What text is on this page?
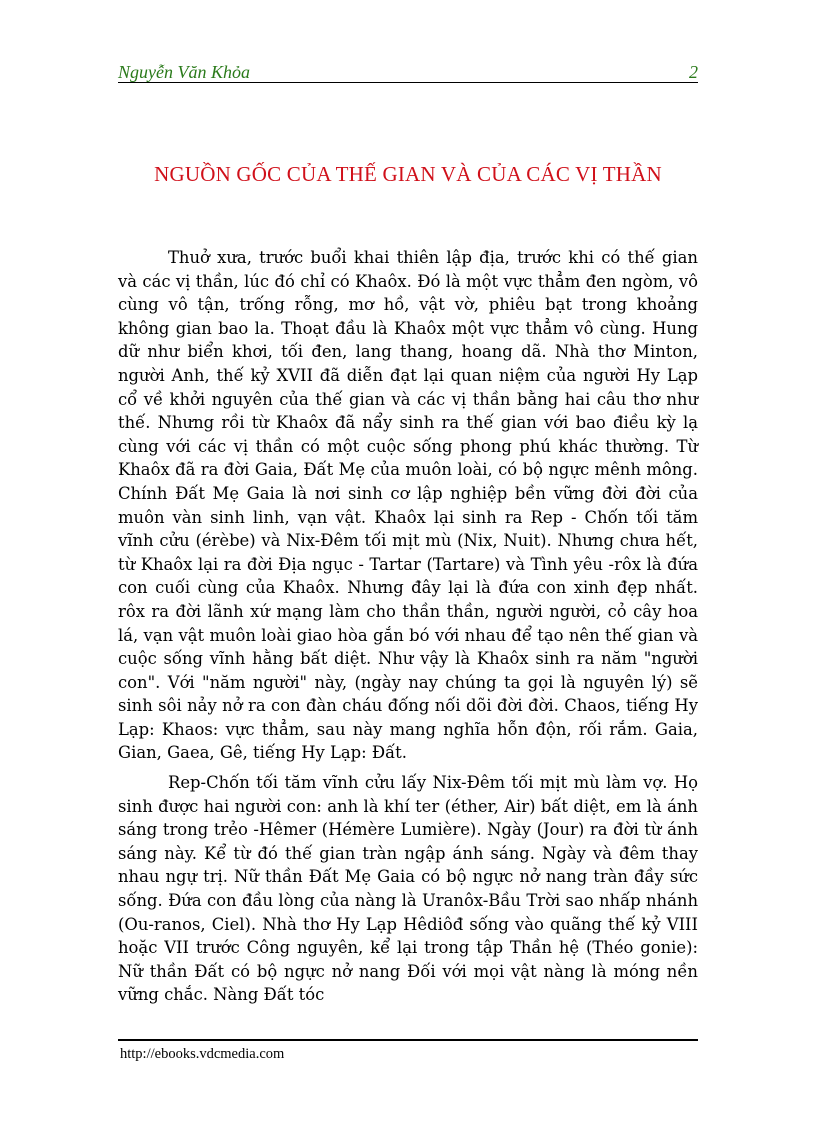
Nguyễn Văn Khỏa	2
NGUỒN GỐC CỦA THẾ GIAN VÀ CỦA CÁC VỊ THẦN

Thuở xưa, trước buổi khai thiên lập địa, trước khi có thế gian và các vị thần, lúc đó chỉ có Khaôx. Đó là một vực thẳm đen ngòm, vô cùng vô tận, trống rỗng, mơ hồ, vật vờ, phiêu bạt trong khoảng không gian bao la. Thoạt đầu là Khaôx một vực thẳm vô cùng. Hung dữ như biển khơi, tối đen, lang thang, hoang dã. Nhà thơ Minton, người Anh, thế kỷ XVII đã diễn đạt lại quan niệm của người Hy Lạp cổ về khởi nguyên của thế gian và các vị thần bằng hai câu thơ như thế. Nhưng rồi từ Khaôx đã nẩy sinh ra thế gian với bao điều kỳ lạ cùng với các vị thần có một cuộc sống phong phú khác thường. Từ Khaôx đã ra đời Gaia, Đất Mẹ của muôn loài, có bộ ngực mênh mông. Chính Đất Mẹ Gaia là nơi sinh cơ lập nghiệp bền vững đời đời của muôn vàn sinh linh, vạn vật. Khaôx lại sinh ra Rep - Chốn tối tăm vĩnh cửu (érèbe) và Nix-Đêm tối mịt mù (Nix, Nuit). Nhưng chưa hết, từ Khaôx lại ra đời Địa ngục - Tartar (Tartare) và Tình yêu -rôx là đứa con cuối cùng của Khaôx. Nhưng đây lại là đứa con xinh đẹp nhất. rôx ra đời lãnh xứ mạng làm cho thần thần, người người, cỏ cây hoa lá, vạn vật muôn loài giao hòa gắn bó với nhau để tạo nên thế gian và cuộc sống vĩnh hằng bất diệt. Như vậy là Khaôx sinh ra năm "người con". Với "năm người" này, (ngày nay chúng ta gọi là nguyên lý) sẽ sinh sôi nảy nở ra con đàn cháu đống nối dõi đời đời. Chaos, tiếng Hy Lạp: Khaos: vực thẳm, sau này mang nghĩa hỗn độn, rối rắm. Gaia, Gian, Gaea, Gê, tiếng Hy Lạp: Đất.

Rep-Chốn tối tăm vĩnh cửu lấy Nix-Đêm tối mịt mù làm vợ. Họ sinh được hai người con: anh là khí ter (éther, Air) bất diệt, em là ánh sáng trong trẻo -Hêmer (Hémère Lumière). Ngày (Jour) ra đời từ ánh sáng này. Kể từ đó thế gian tràn ngập ánh sáng. Ngày và đêm thay nhau ngự trị. Nữ thần Đất Mẹ Gaia có bộ ngực nở nang tràn đầy sức sống. Đứa con đầu lòng của nàng là Uranôx-Bầu Trời sao nhấp nhánh (Ou-ranos, Ciel). Nhà thơ Hy Lạp Hêdiôđ sống vào quãng thế kỷ VIII hoặc VII trước Công nguyên, kể lại trong tập Thần hệ (Théo gonie): Nữ thần Đất có bộ ngực nở nang Đối với mọi vật nàng là móng nền vững chắc. Nàng Đất tóc

http://ebooks.vdcmedia.com
